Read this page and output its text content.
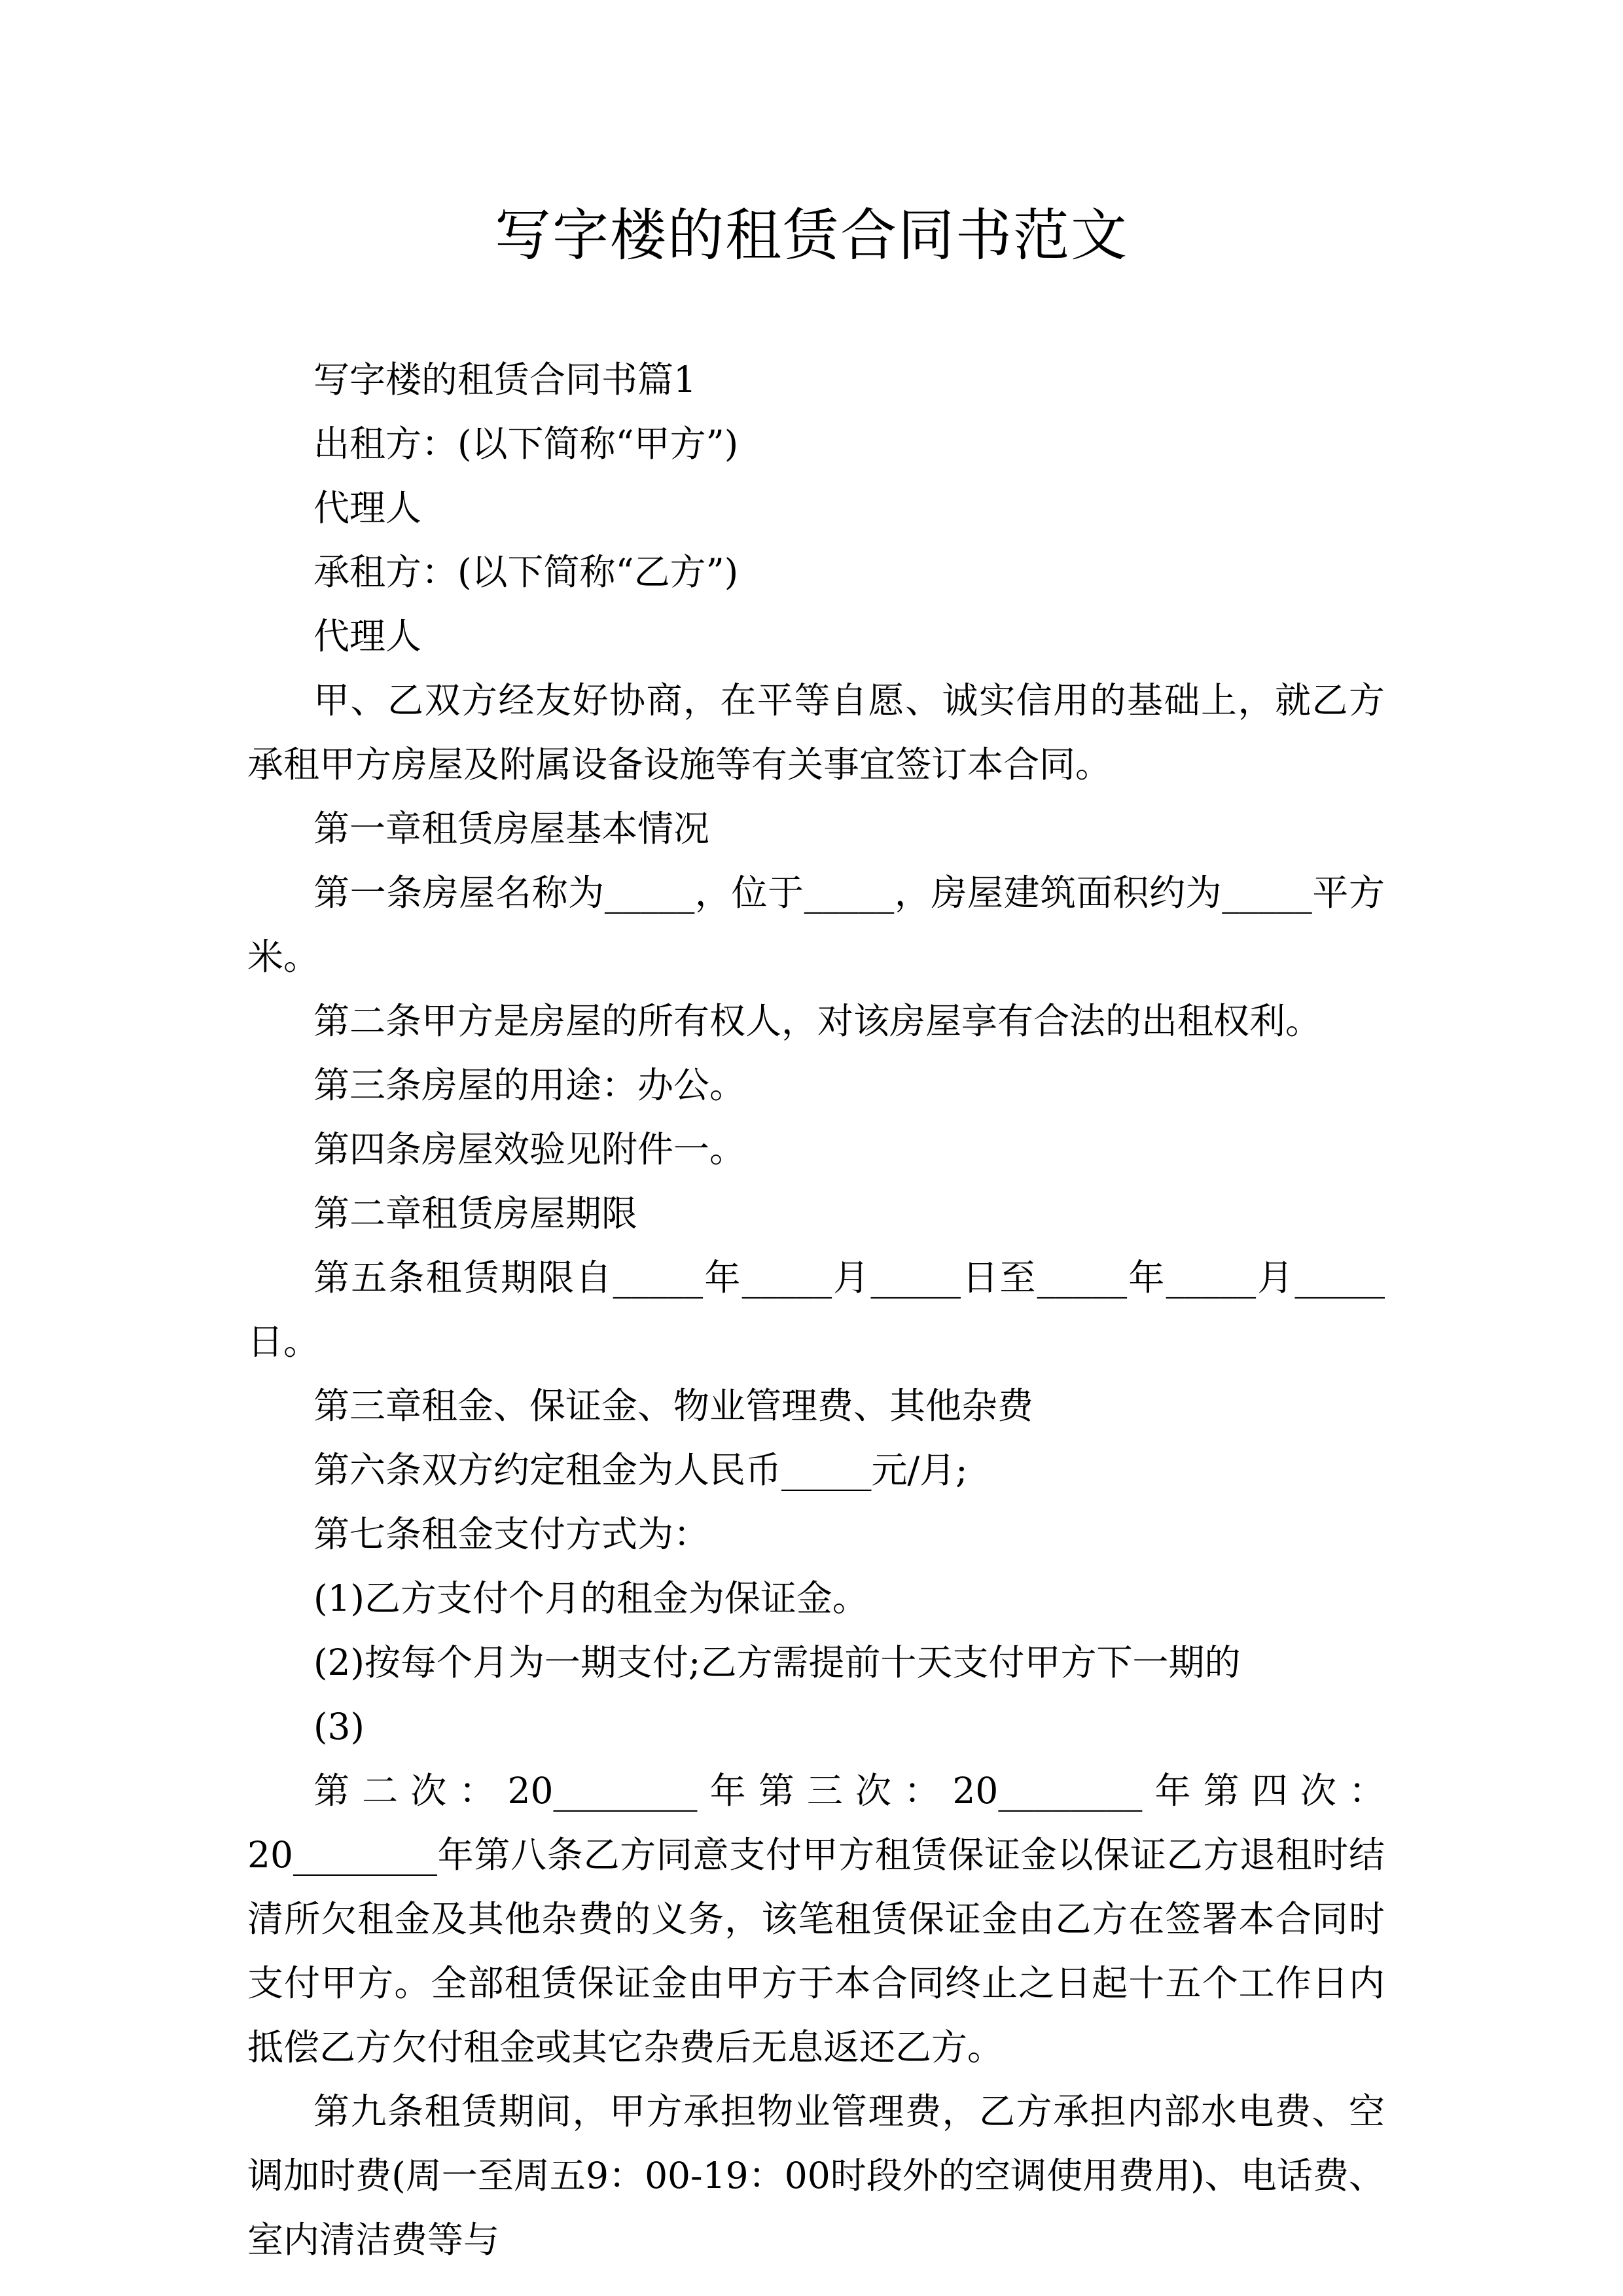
写字楼的租赁合同书范文

写字楼的租赁合同书篇1

出租方：(以下简称“甲方”)

代理人

承租方：(以下简称“乙方”)

代理人

甲、乙双方经友好协商，在平等自愿、诚实信用的基础上，就乙方承租甲方房屋及附属设备设施等有关事宜签订本合同。

第一章租赁房屋基本情况

第一条房屋名称为_____，位于_____，房屋建筑面积约为_____平方米。

第二条甲方是房屋的所有权人，对该房屋享有合法的出租权利。

第三条房屋的用途：办公。

第四条房屋效验见附件一。

第二章租赁房屋期限

第五条租赁期限自_____年_____月_____日至_____年_____月_____日。

第三章租金、保证金、物业管理费、其他杂费

第六条双方约定租金为人民币_____元/月;

第七条租金支付方式为：

(1)乙方支付个月的租金为保证金。

(2)按每个月为一期支付;乙方需提前十天支付甲方下一期的

(3)

第二次：20________年第三次：20________年第四次：20________年第八条乙方同意支付甲方租赁保证金以保证乙方退租时结清所欠租金及其他杂费的义务，该笔租赁保证金由乙方在签署本合同时支付甲方。全部租赁保证金由甲方于本合同终止之日起十五个工作日内抵偿乙方欠付租金或其它杂费后无息返还乙方。

第九条租赁期间，甲方承担物业管理费，乙方承担内部水电费、空调加时费(周一至周五9：00-19：00时段外的空调使用费用)、电话费、室内清洁费等与
